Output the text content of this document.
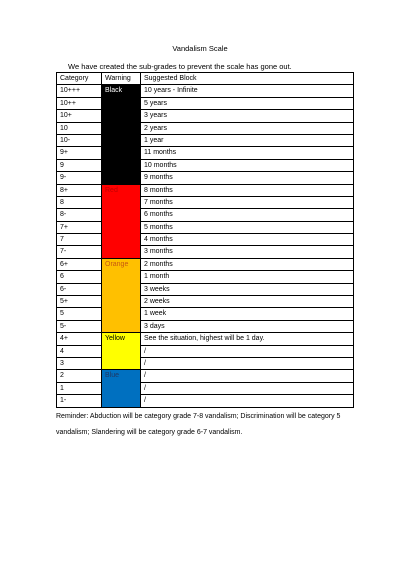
Vandalism Scale
We have created the sub-grades to prevent the scale has gone out.
Category	Warning	Suggested Block
10+++	Black	10 years - Infinite
10++		5 years
10+		3 years
10		2 years
10-		1 year
9+		11 months
9		10 months
9-		9 months
8+	Red	8 months
8		7 months
8-		6 months
7+		5 months
7		4 months
7-		3 months
6+	Orange	2 months
6		1 month
6-		3 weeks
5+		2 weeks
5		1 week
5-		3 days
4+	Yellow	See the situation, highest will be 1 day.
4		/
3		/
2	Blue	/
1		/
1-		/
Reminder: Abduction will be category grade 7-8 vandalism; Discrimination will be category 5 vandalism; Slandering will be category grade 6-7 vandalism.
